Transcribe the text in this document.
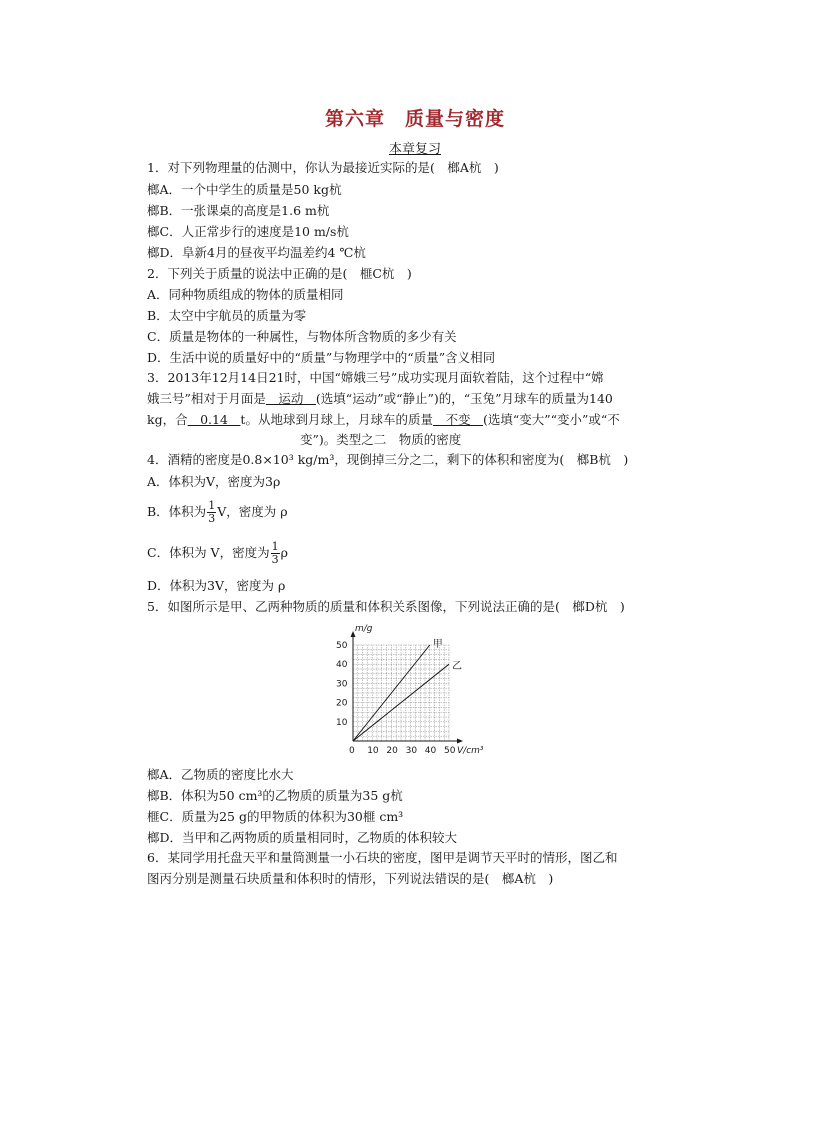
第六章　质量与密度
本章复习
1．对下列物理量的估测中，你认为最接近实际的是(　榔A杭　)
榔A．一个中学生的质量是50 kg杭
榔B．一张课桌的高度是1.6 m杭
榔C．人正常步行的速度是10 m/s杭
榔D．阜新4月的昼夜平均温差约4 ℃杭
2．下列关于质量的说法中正确的是(　榧C杭　)
A．同种物质组成的物体的质量相同
B．太空中宇航员的质量为零
C．质量是物体的一种属性，与物体所含物质的多少有关
D．生活中说的质量好中的“质量”与物理学中的“质量”含义相同
3．2013年12月14日21时，中国“嫦娥三号”成功实现月面软着陆，这个过程中“嫦
娥三号”相对于月面是　运动　(选填“运动”或“静止”)的，“玉兔”月球车的质量为140
kg，合　0.14　t。从地球到月球上，月球车的质量　不变　(选填“变大”“变小”或“不
变”)。类型之二　物质的密度
4．酒精的密度是0.8×10³ kg/m³，现倒掉三分之二，剩下的体积和密度为(　榔B杭　)
A．体积为V，密度为3ρ
B．体积为 $\frac{1}{3}$ V，密度为 ρ
C．体积为 V，密度为 $\frac{1}{3}$ ρ
D．体积为3V，密度为 ρ
5．如图所示是甲、乙两种物质的质量和体积关系图像，下列说法正确的是(　榔D杭　)
甲
乙
0 10 20 30 40 50
10
20
30
40
50
m/g
V/cm³
榔A．乙物质的密度比水大
榔B．体积为50 cm³的乙物质的质量为35 g杭
榧C．质量为25 g的甲物质的体积为30榧 cm³
榔D．当甲和乙两物质的质量相同时，乙物质的体积较大
6．某同学用托盘天平和量筒测量一小石块的密度，图甲是调节天平时的情形，图乙和
图丙分别是测量石块质量和体积时的情形，下列说法错误的是(　榔A杭　)
